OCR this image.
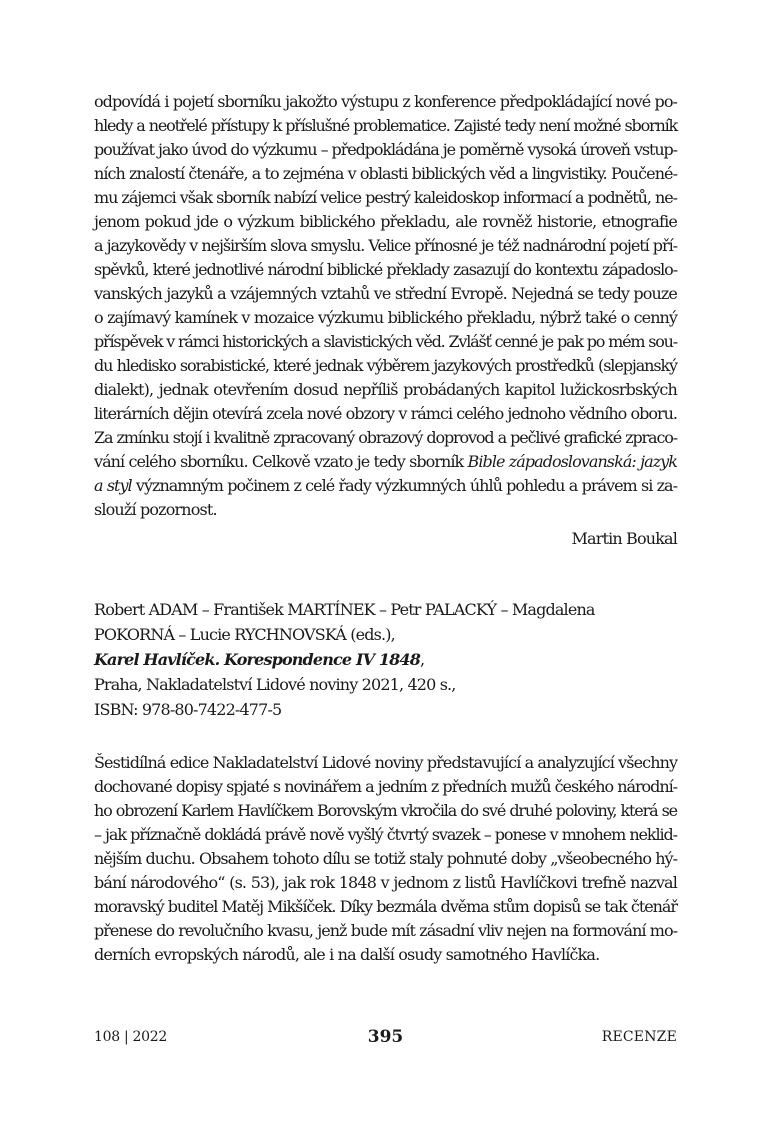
odpovídá i pojetí sborníku jakožto výstupu z konference předpokládající nové po-
hledy a neotřelé přístupy k příslušné problematice. Zajisté tedy není možné sborník
používat jako úvod do výzkumu – předpokládána je poměrně vysoká úroveň vstup-
ních znalostí čtenáře, a to zejména v oblasti biblických věd a lingvistiky. Poučené-
mu zájemci však sborník nabízí velice pestrý kaleidoskop informací a podnětů, ne-
jenom pokud jde o výzkum biblického překladu, ale rovněž historie, etnografie
a jazykovědy v nejširším slova smyslu. Velice přínosné je též nadnárodní pojetí pří-
spěvků, které jednotlivé národní biblické překlady zasazují do kontextu západoslo-
vanských jazyků a vzájemných vztahů ve střední Evropě. Nejedná se tedy pouze
o zajímavý kamínek v mozaice výzkumu biblického překladu, nýbrž také o cenný
příspěvek v rámci historických a slavistických věd. Zvlášť cenné je pak po mém sou-
du hledisko sorabistické, které jednak výběrem jazykových prostředků (slepjanský
dialekt), jednak otevřením dosud nepříliš probádaných kapitol lužickosrbských
literárních dějin otevírá zcela nové obzory v rámci celého jednoho vědního oboru.
Za zmínku stojí i kvalitně zpracovaný obrazový doprovod a pečlivé grafické zpraco-
vání celého sborníku. Celkově vzato je tedy sborník Bible západoslovanská: jazyk
a styl významným počinem z celé řady výzkumných úhlů pohledu a právem si za-
slouží pozornost.
Martin Boukal
Robert ADAM – František MARTÍNEK – Petr PALACKÝ – Magdalena
POKORNÁ – Lucie RYCHNOVSKÁ (eds.),
Karel Havlíček. Korespondence IV 1848,
Praha, Nakladatelství Lidové noviny 2021, 420 s.,
ISBN: 978-80-7422-477-5
Šestidílná edice Nakladatelství Lidové noviny představující a analyzující všechny
dochované dopisy spjaté s novinářem a jedním z předních mužů českého národní-
ho obrození Karlem Havlíčkem Borovským vkročila do své druhé poloviny, která se
– jak příznačně dokládá právě nově vyšlý čtvrtý svazek – ponese v mnohem neklid-
nějším duchu. Obsahem tohoto dílu se totiž staly pohnuté doby „všeobecného hý-
bání národového“ (s. 53), jak rok 1848 v jednom z listů Havlíčkovi trefně nazval
moravský buditel Matěj Mikšíček. Díky bezmála dvěma stům dopisů se tak čtenář
přenese do revolučního kvasu, jenž bude mít zásadní vliv nejen na formování mo-
derních evropských národů, ale i na další osudy samotného Havlíčka.
108 | 2022	395	RECENZE
